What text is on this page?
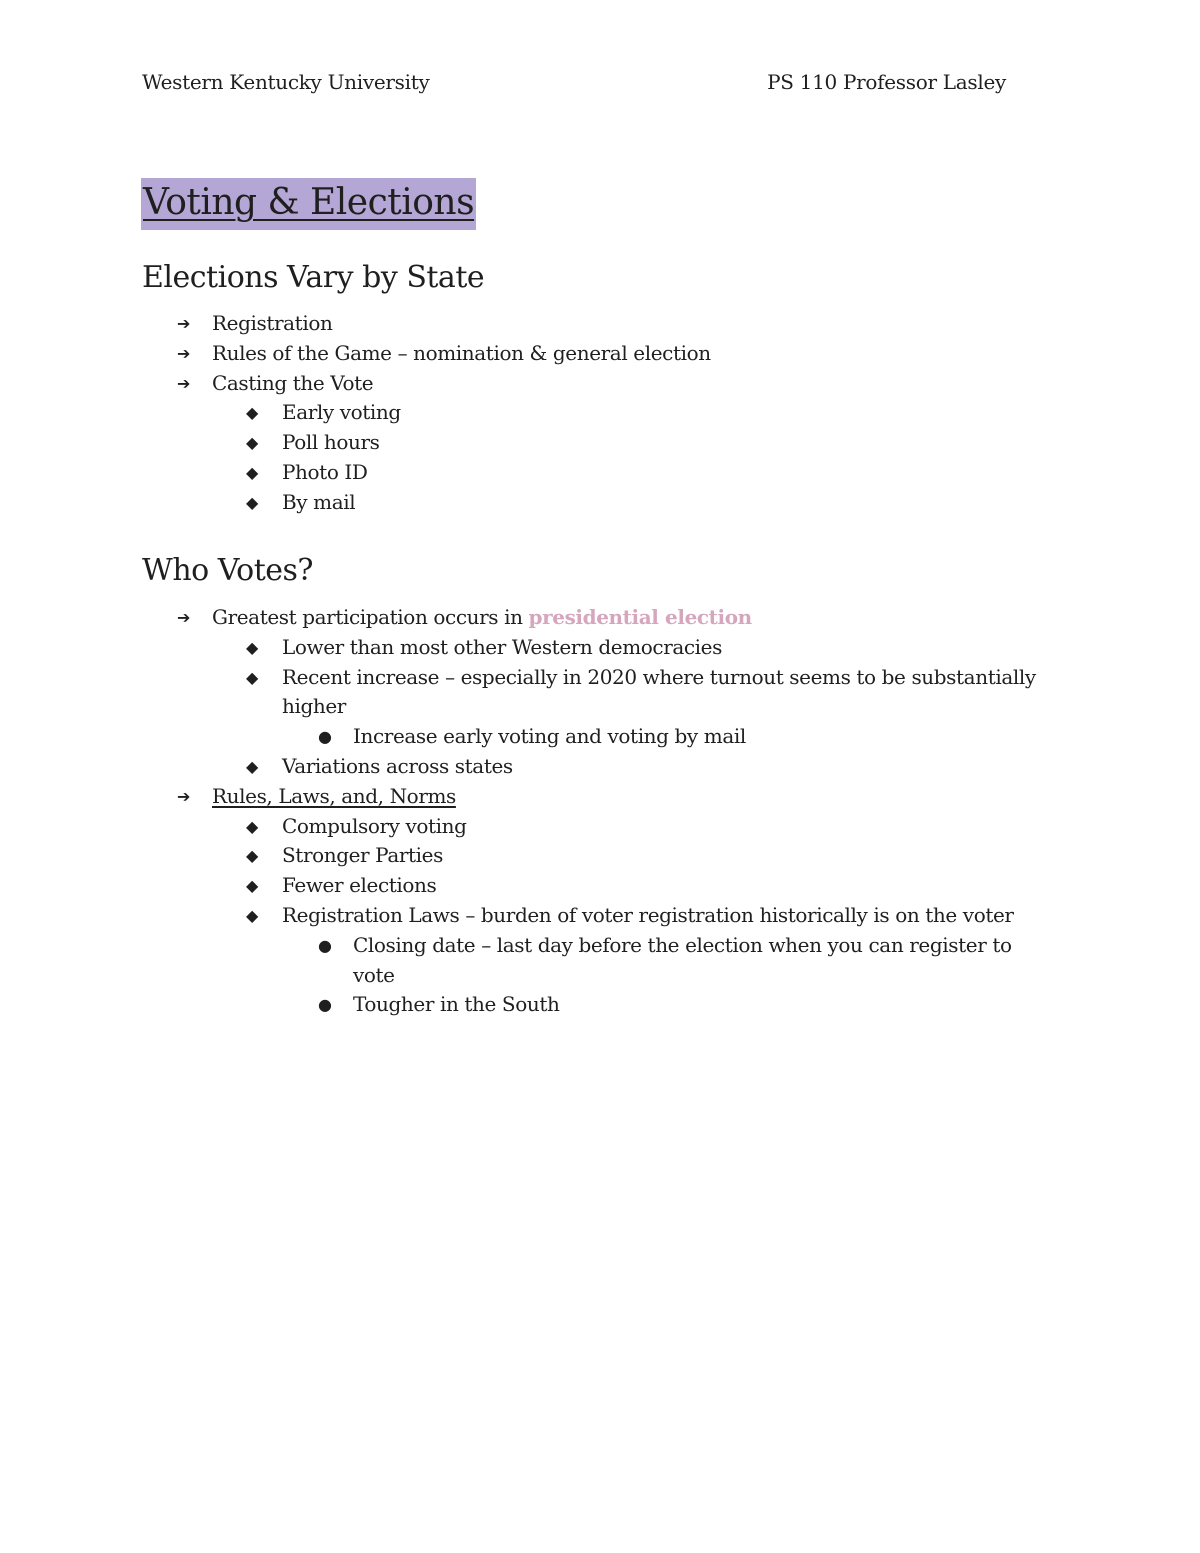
Western Kentucky University	PS 110 Professor Lasley
Voting & Elections
Elections Vary by State
➔ Registration
➔ Rules of the Game – nomination & general election
➔ Casting the Vote
◆ Early voting
◆ Poll hours
◆ Photo ID
◆ By mail
Who Votes?
➔ Greatest participation occurs in presidential election
◆ Lower than most other Western democracies
◆ Recent increase – especially in 2020 where turnout seems to be substantially higher
● Increase early voting and voting by mail
◆ Variations across states
➔ Rules, Laws, and, Norms
◆ Compulsory voting
◆ Stronger Parties
◆ Fewer elections
◆ Registration Laws – burden of voter registration historically is on the voter
● Closing date – last day before the election when you can register to vote
● Tougher in the South
